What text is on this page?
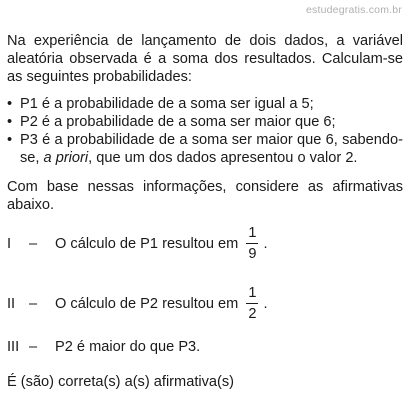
estudegratis.com.br

Na experiência de lançamento de dois dados, a variável aleatória observada é a soma dos resultados. Calculam-se as seguintes probabilidades:

• P1 é a probabilidade de a soma ser igual a 5;
• P2 é a probabilidade de a soma ser maior que 6;
• P3 é a probabilidade de a soma ser maior que 6, sabendo-se, a priori, que um dos dados apresentou o valor 2.

Com base nessas informações, considere as afirmativas abaixo.

I	–	O cálculo de P1 resultou em $\frac{1}{9}$ .
II –	O cálculo de P2 resultou em $\frac{1}{2}$ .
III –	P2 é maior do que P3.
É (são) correta(s) a(s) afirmativa(s)
